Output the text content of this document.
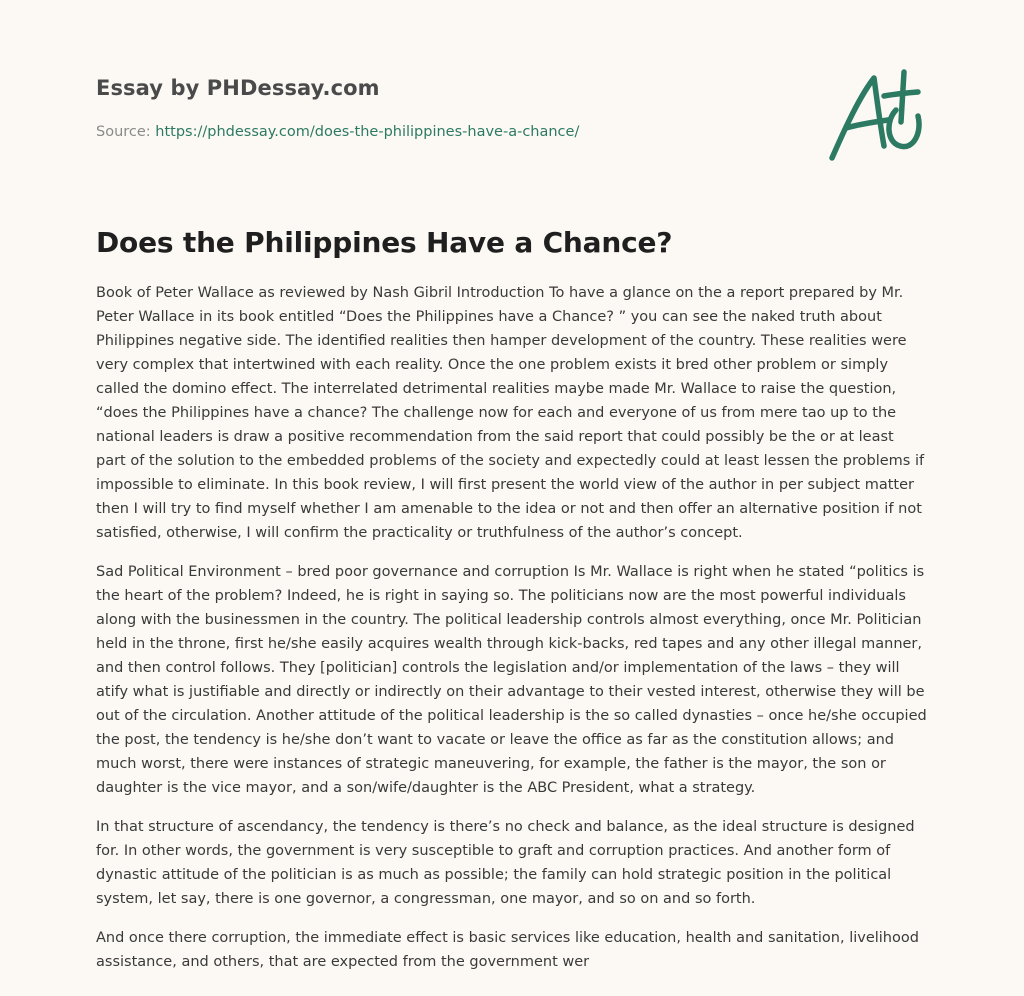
Essay by PHDessay.com

Source: https://phdessay.com/does-the-philippines-have-a-chance/

Does the Philippines Have a Chance?

Book of Peter Wallace as reviewed by Nash Gibril Introduction To have a glance on the a report prepared by Mr. Peter Wallace in its book entitled “Does the Philippines have a Chance? ” you can see the naked truth about Philippines negative side. The identified realities then hamper development of the country. These realities were very complex that intertwined with each reality. Once the one problem exists it bred other problem or simply called the domino effect. The interrelated detrimental realities maybe made Mr. Wallace to raise the question, “does the Philippines have a chance? The challenge now for each and everyone of us from mere tao up to the national leaders is draw a positive recommendation from the said report that could possibly be the or at least part of the solution to the embedded problems of the society and expectedly could at least lessen the problems if impossible to eliminate. In this book review, I will first present the world view of the author in per subject matter then I will try to find myself whether I am amenable to the idea or not and then offer an alternative position if not satisfied, otherwise, I will confirm the practicality or truthfulness of the author’s concept.

Sad Political Environment – bred poor governance and corruption Is Mr. Wallace is right when he stated “politics is the heart of the problem? Indeed, he is right in saying so. The politicians now are the most powerful individuals along with the businessmen in the country. The political leadership controls almost everything, once Mr. Politician held in the throne, first he/she easily acquires wealth through kick-backs, red tapes and any other illegal manner, and then control follows. They [politician] controls the legislation and/or implementation of the laws – they will atify what is justifiable and directly or indirectly on their advantage to their vested interest, otherwise they will be out of the circulation. Another attitude of the political leadership is the so called dynasties – once he/she occupied the post, the tendency is he/she don’t want to vacate or leave the office as far as the constitution allows; and much worst, there were instances of strategic maneuvering, for example, the father is the mayor, the son or daughter is the vice mayor, and a son/wife/daughter is the ABC President, what a strategy.

In that structure of ascendancy, the tendency is there’s no check and balance, as the ideal structure is designed for. In other words, the government is very susceptible to graft and corruption practices. And another form of dynastic attitude of the politician is as much as possible; the family can hold strategic position in the political system, let say, there is one governor, a congressman, one mayor, and so on and so forth.

And once there corruption, the immediate effect is basic services like education, health and sanitation, livelihood assistance, and others, that are expected from the government wer
